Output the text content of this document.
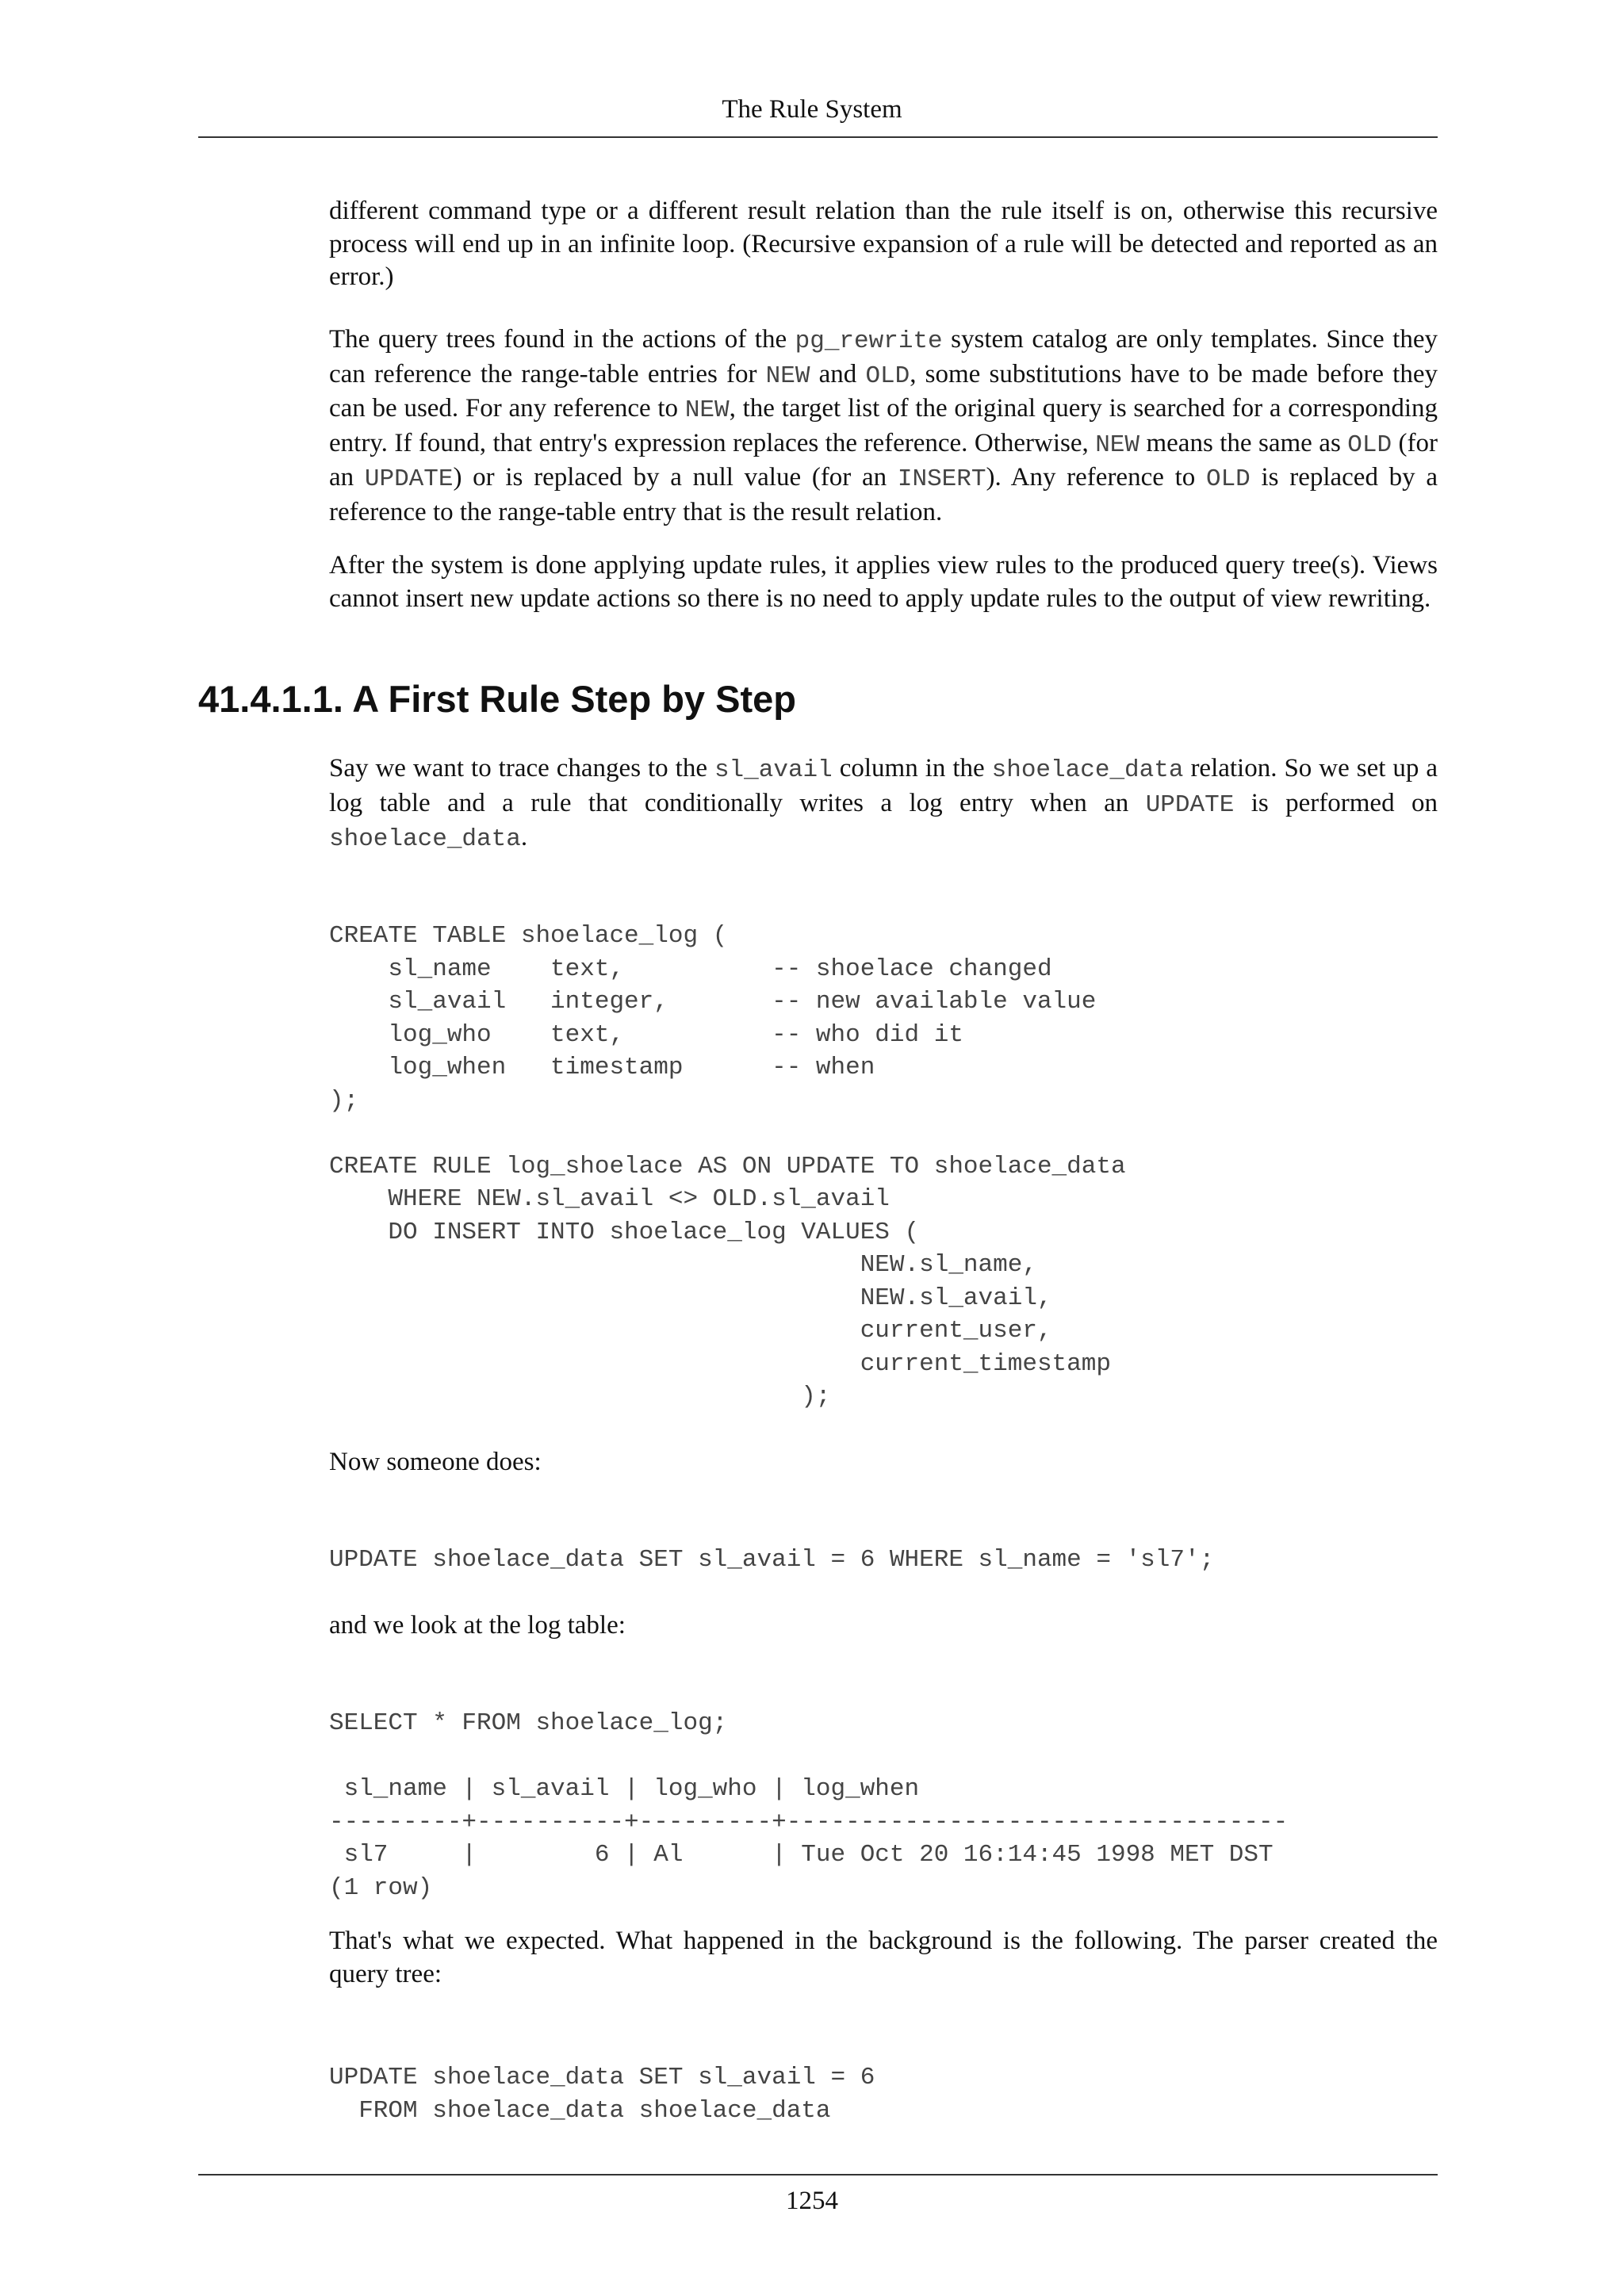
The Rule System

different command type or a different result relation than the rule itself is on, otherwise this recursive process will end up in an infinite loop. (Recursive expansion of a rule will be detected and reported as an error.)

The query trees found in the actions of the pg_rewrite system catalog are only templates. Since they can reference the range-table entries for NEW and OLD, some substitutions have to be made before they can be used. For any reference to NEW, the target list of the original query is searched for a corresponding entry. If found, that entry's expression replaces the reference. Otherwise, NEW means the same as OLD (for an UPDATE) or is replaced by a null value (for an INSERT). Any reference to OLD is replaced by a reference to the range-table entry that is the result relation.

After the system is done applying update rules, it applies view rules to the produced query tree(s). Views cannot insert new update actions so there is no need to apply update rules to the output of view rewriting.

Say we want to trace changes to the sl_avail column in the shoelace_data relation. So we set up a log table and a rule that conditionally writes a log entry when an UPDATE is performed on shoelace_data.

CREATE TABLE shoelace_log (
sl_name    text,          -- shoelace changed
sl_avail   integer,       -- new available value
log_who    text,          -- who did it
log_when   timestamp      -- when
);

CREATE RULE log_shoelace AS ON UPDATE TO shoelace_data
WHERE NEW.sl_avail <> OLD.sl_avail
DO INSERT INTO shoelace_log VALUES (
NEW.sl_name,
NEW.sl_avail,
current_user,
current_timestamp
);

Now someone does:

UPDATE shoelace_data SET sl_avail = 6 WHERE sl_name = 'sl7';

and we look at the log table:

SELECT * FROM shoelace_log;

sl_name | sl_avail | log_who | log_when
---------+----------+---------+----------------------------------
sl7     |        6 | Al      | Tue Oct 20 16:14:45 1998 MET DST
(1 row)

That's what we expected. What happened in the background is the following. The parser created the query tree:

UPDATE shoelace_data SET sl_avail = 6
FROM shoelace_data shoelace_data
41.4.1.1. A First Rule Step by Step
1254
